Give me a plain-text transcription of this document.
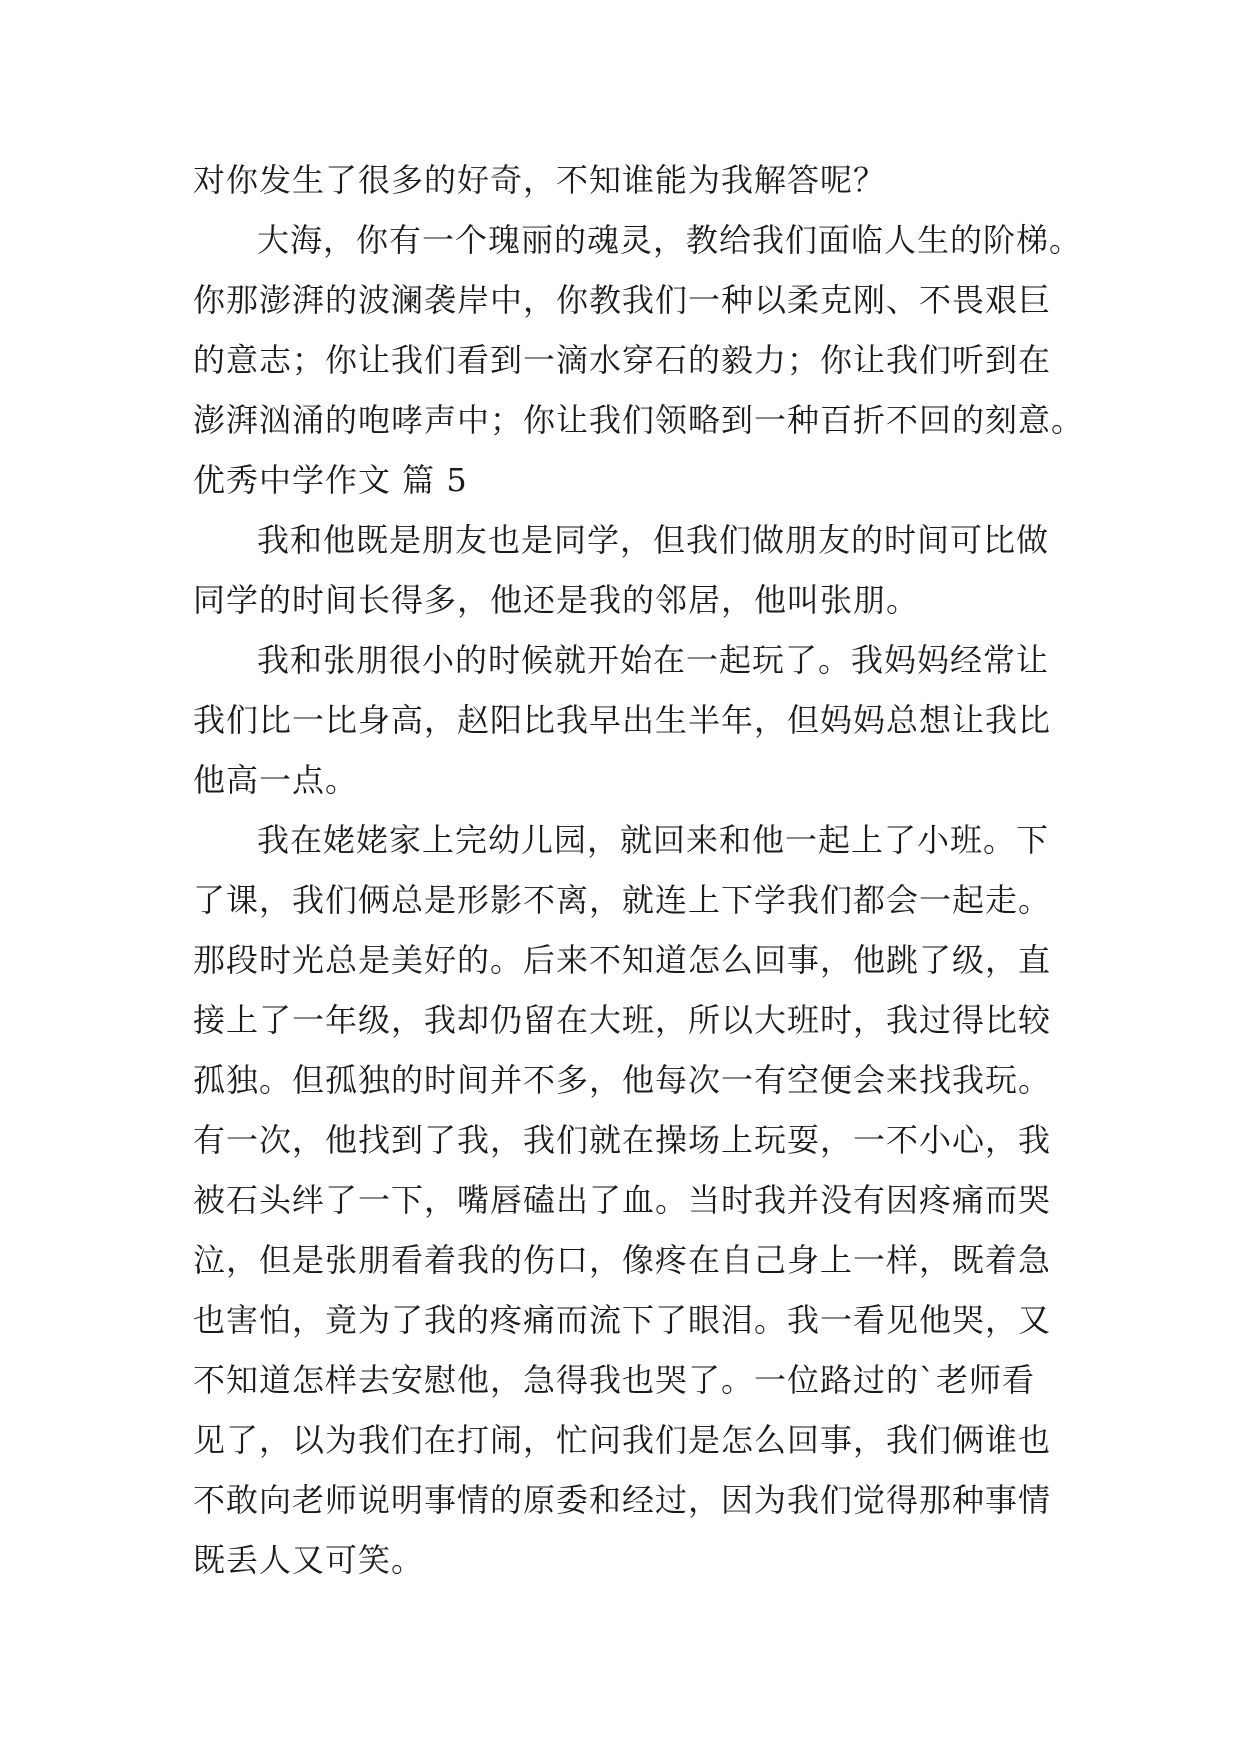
对你发生了很多的好奇，不知谁能为我解答呢？
大海，你有一个瑰丽的魂灵，教给我们面临人生的阶梯。
你那澎湃的波澜袭岸中，你教我们一种以柔克刚、不畏艰巨
的意志；你让我们看到一滴水穿石的毅力；你让我们听到在
澎湃汹涌的咆哮声中；你让我们领略到一种百折不回的刻意。
优秀中学作文 篇 5
我和他既是朋友也是同学，但我们做朋友的时间可比做
同学的时间长得多，他还是我的邻居，他叫张朋。
我和张朋很小的时候就开始在一起玩了。我妈妈经常让
我们比一比身高，赵阳比我早出生半年，但妈妈总想让我比
他高一点。
我在姥姥家上完幼儿园，就回来和他一起上了小班。下
了课，我们俩总是形影不离，就连上下学我们都会一起走。
那段时光总是美好的。后来不知道怎么回事，他跳了级，直
接上了一年级，我却仍留在大班，所以大班时，我过得比较
孤独。但孤独的时间并不多，他每次一有空便会来找我玩。
有一次，他找到了我，我们就在操场上玩耍，一不小心，我
被石头绊了一下，嘴唇磕出了血。当时我并没有因疼痛而哭
泣，但是张朋看着我的伤口，像疼在自己身上一样，既着急
也害怕，竟为了我的疼痛而流下了眼泪。我一看见他哭，又
不知道怎样去安慰他，急得我也哭了。一位路过的`老师看
见了，以为我们在打闹，忙问我们是怎么回事，我们俩谁也
不敢向老师说明事情的原委和经过，因为我们觉得那种事情
既丢人又可笑。
